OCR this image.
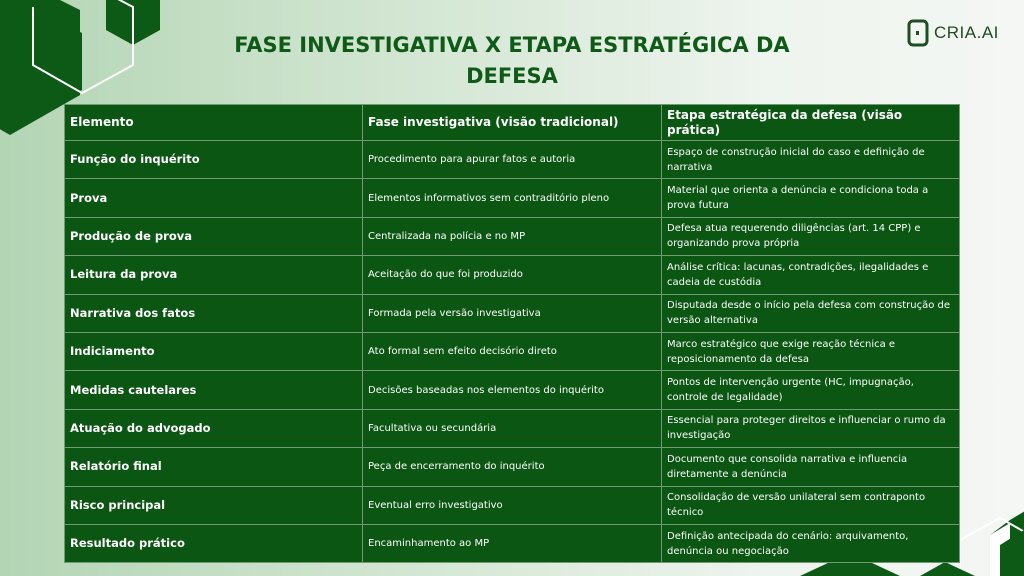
FASE INVESTIGATIVA X ETAPA ESTRATÉGICA DA DEFESA
CRIA.AI
Elemento	Fase investigativa (visão tradicional)	Etapa estratégica da defesa (visão prática)
Função do inquérito	Procedimento para apurar fatos e autoria	Espaço de construção inicial do caso e definição de narrativa
Prova	Elementos informativos sem contraditório pleno	Material que orienta a denúncia e condiciona toda a prova futura
Produção de prova	Centralizada na polícia e no MP	Defesa atua requerendo diligências (art. 14 CPP) e organizando prova própria
Leitura da prova	Aceitação do que foi produzido	Análise crítica: lacunas, contradições, ilegalidades e cadeia de custódia
Narrativa dos fatos	Formada pela versão investigativa	Disputada desde o início pela defesa com construção de versão alternativa
Indiciamento	Ato formal sem efeito decisório direto	Marco estratégico que exige reação técnica e reposicionamento da defesa
Medidas cautelares	Decisões baseadas nos elementos do inquérito	Pontos de intervenção urgente (HC, impugnação, controle de legalidade)
Atuação do advogado	Facultativa ou secundária	Essencial para proteger direitos e influenciar o rumo da investigação
Relatório final	Peça de encerramento do inquérito	Documento que consolida narrativa e influencia diretamente a denúncia
Risco principal	Eventual erro investigativo	Consolidação de versão unilateral sem contraponto técnico
Resultado prático	Encaminhamento ao MP	Definição antecipada do cenário: arquivamento, denúncia ou negociação
